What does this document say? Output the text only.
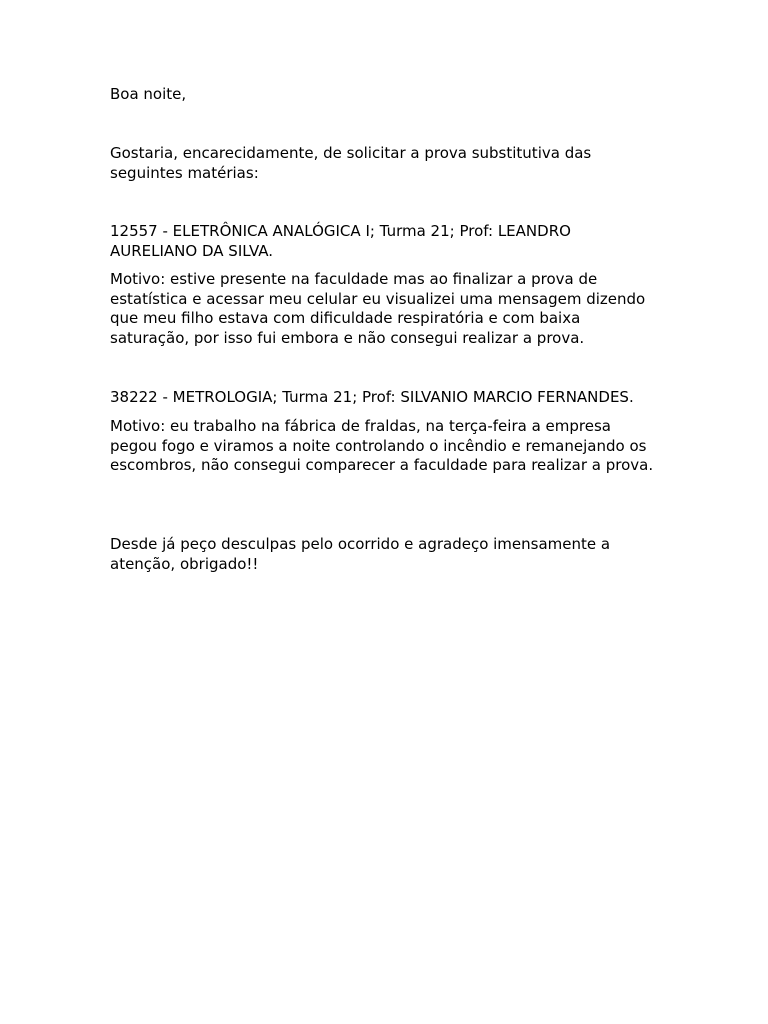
Boa noite,

Gostaria, encarecidamente, de solicitar a prova substitutiva das seguintes matérias:

12557 - ELETRÔNICA ANALÓGICA I; Turma 21; Prof: LEANDRO AURELIANO DA SILVA.

Motivo: estive presente na faculdade mas ao finalizar a prova de estatística e acessar meu celular eu visualizei uma mensagem dizendo que meu filho estava com dificuldade respiratória e com baixa saturação, por isso fui embora e não consegui realizar a prova.

38222 - METROLOGIA; Turma 21; Prof: SILVANIO MARCIO FERNANDES.

Motivo: eu trabalho na fábrica de fraldas, na terça-feira a empresa pegou fogo e viramos a noite controlando o incêndio e remanejando os escombros, não consegui comparecer a faculdade para realizar a prova.

Desde já peço desculpas pelo ocorrido e agradeço imensamente a atenção, obrigado!!
